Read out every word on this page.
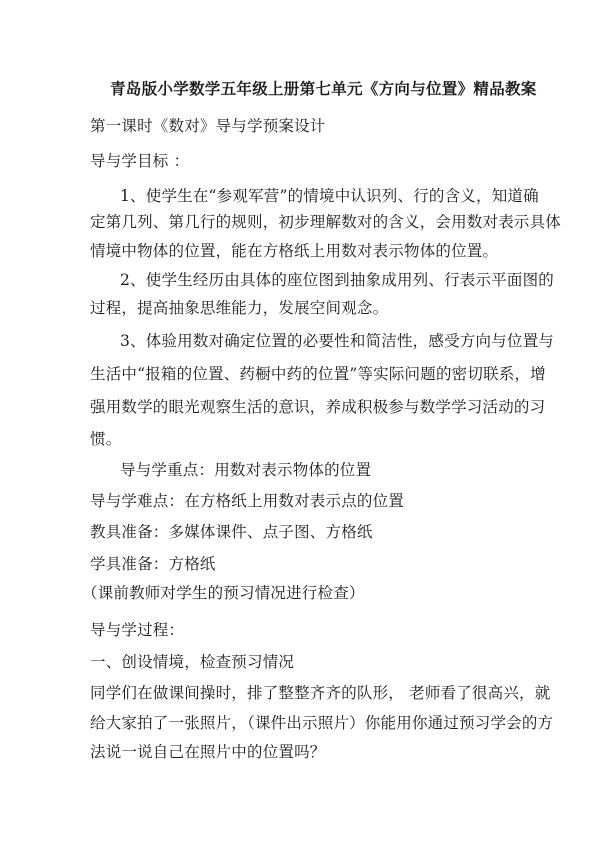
青岛版小学数学五年级上册第七单元《方向与位置》精品教案
第一课时《数对》导与学预案设计
导与学目标 ：
1、使学生在“参观军营”的情境中认识列、行的含义，知道确
定第几列、第几行的规则，初步理解数对的含义，会用数对表示具体
情境中物体的位置，能在方格纸上用数对表示物体的位置。
2、使学生经历由具体的座位图到抽象成用列、行表示平面图的
过程，提高抽象思维能力，发展空间观念。
3、体验用数对确定位置的必要性和简洁性，感受方向与位置与
生活中“报箱的位置、药橱中药的位置”等实际问题的密切联系，增
强用数学的眼光观察生活的意识，养成积极参与数学学习活动的习
惯。
导与学重点：用数对表示物体的位置
导与学难点：在方格纸上用数对表示点的位置
教具准备：多媒体课件、点子图、方格纸
学具准备：方格纸
（课前教师对学生的预习情况进行检查）
导与学过程：
一、创设情境，检查预习情况
同学们在做课间操时，排了整整齐齐的队形， 老师看了很高兴，就
给大家拍了一张照片，（课件出示照片）你能用你通过预习学会的方
法说一说自己在照片中的位置吗？
